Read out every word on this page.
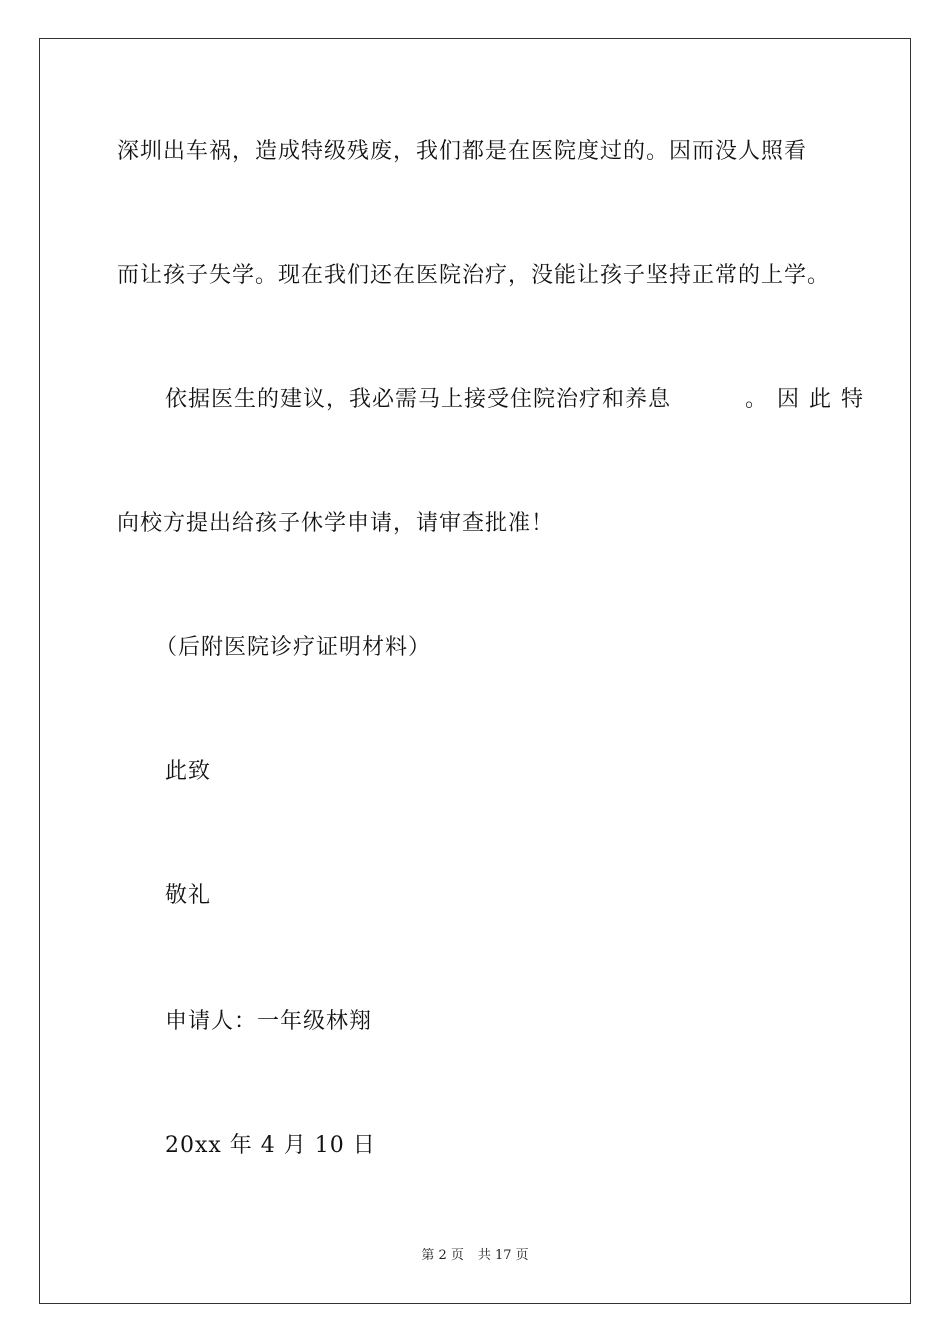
深圳出车祸，造成特级残废，我们都是在医院度过的。因而没人照看
而让孩子失学。现在我们还在医院治疗，没能让孩子坚持正常的上学。
依据医生的建议，我必需马上接受住院治疗和养息	。因此特
向校方提出给孩子休学申请，请审查批准！
（后附医院诊疗证明材料）
此致
敬礼
申请人：一年级林翔
20xx 年 4 月 10 日
第 2 页 共 17 页
